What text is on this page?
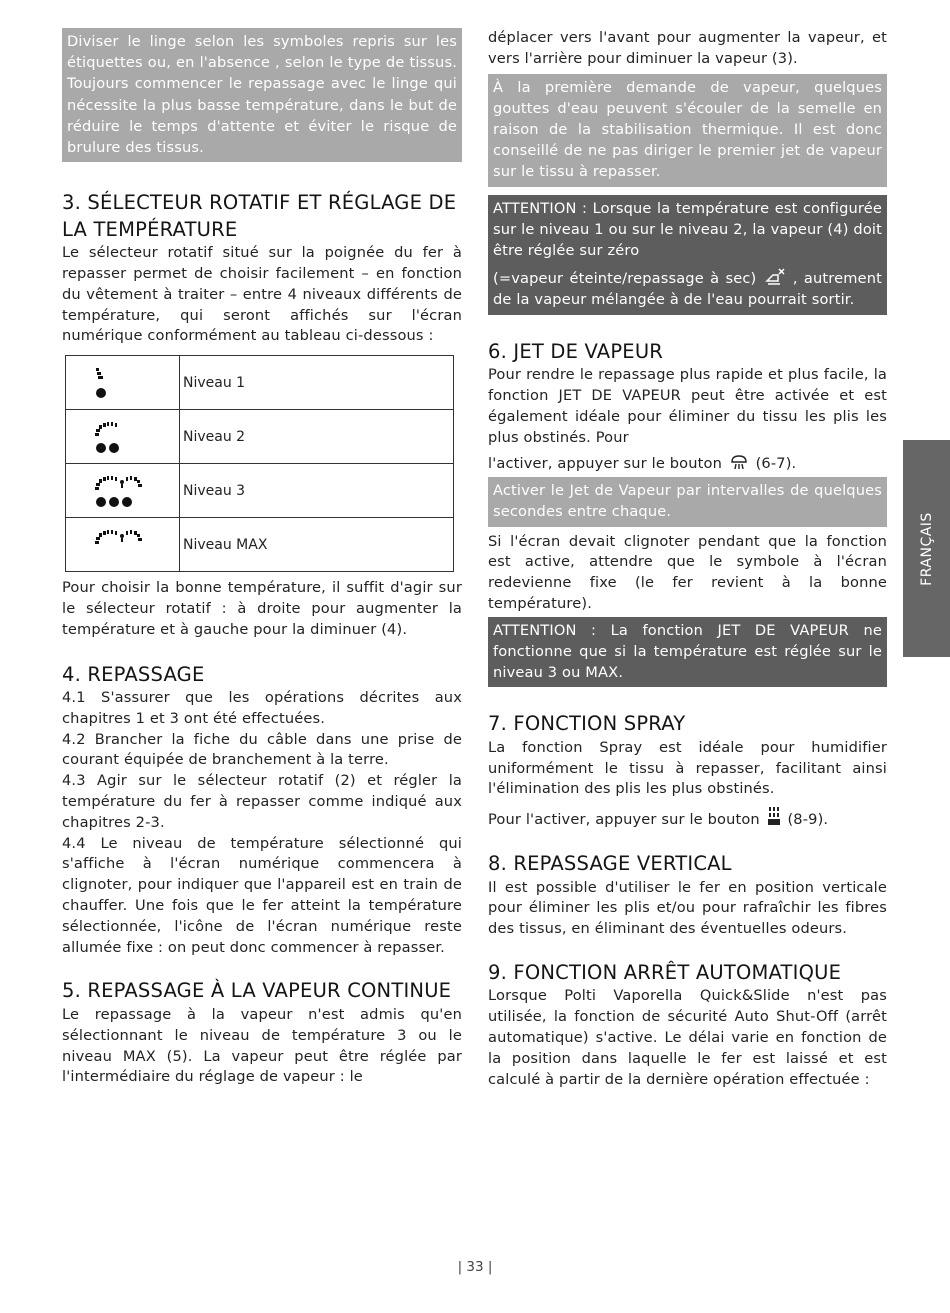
Diviser le linge selon les symboles repris sur les étiquettes ou, en l'absence , selon le type de tissus. Toujours commencer le repassage avec le linge qui nécessite la plus basse température, dans le but de réduire le temps d'attente et éviter le risque de brulure des tissus.
3. SÉLECTEUR ROTATIF ET RÉGLAGE DE LA TEMPÉRATURE

Le sélecteur rotatif situé sur la poignée du fer à repasser permet de choisir facilement – en fonction du vêtement à traiter – entre 4 niveaux différents de température, qui seront affichés sur l'écran numérique conformément au tableau ci-dessous :

	Niveau 1

	Niveau 2

	Niveau 3

	Niveau MAX

Pour choisir la bonne température, il suffit d'agir sur le sélecteur rotatif : à droite pour augmenter la température et à gauche pour la diminuer (4).

4. REPASSAGE

4.1 S'assurer que les opérations décrites aux chapitres 1 et 3 ont été effectuées.

4.2 Brancher la fiche du câble dans une prise de courant équipée de branchement à la terre.

4.3 Agir sur le sélecteur rotatif (2) et régler la température du fer à repasser comme indiqué aux chapitres 2-3.

4.4 Le niveau de température sélectionné qui s'affiche à l'écran numérique commencera à clignoter, pour indiquer que l'appareil est en train de chauffer. Une fois que le fer atteint la température sélectionnée, l'icône de l'écran numérique reste allumée fixe : on peut donc commencer à repasser.

5. REPASSAGE À LA VAPEUR CONTINUE

Le repassage à la vapeur n'est admis qu'en sélectionnant le niveau de température 3 ou le niveau MAX (5). La vapeur peut être réglée par l'intermédiaire du réglage de vapeur : le

déplacer vers l'avant pour augmenter la vapeur, et vers l'arrière pour diminuer la vapeur (3).

À la première demande de vapeur, quelques gouttes d'eau peuvent s'écouler de la semelle en raison de la stabilisation thermique. Il est donc conseillé de ne pas diriger le premier jet de vapeur sur le tissu à repasser.
ATTENTION : Lorsque la température est configurée sur le niveau 1 ou sur le niveau 2, la vapeur (4) doit être réglée sur zéro
(=vapeur éteinte/repassage à sec)	, autrement de la vapeur mélangée à de l'eau pourrait sortir.
6. JET DE VAPEUR

Pour rendre le repassage plus rapide et plus facile, la fonction JET DE VAPEUR peut être activée et est également idéale pour éliminer du tissu les plis les plus obstinés. Pour

l'activer, appuyer sur le bouton (6-7).

Activer le Jet de Vapeur par intervalles de quelques secondes entre chaque.

Si l'écran devait clignoter pendant que la fonction est active, attendre que le symbole à l'écran redevienne fixe (le fer revient à la bonne température).

ATTENTION : La fonction JET DE VAPEUR ne fonctionne que si la température est réglée sur le niveau 3 ou MAX.
7. FONCTION SPRAY

La fonction Spray est idéale pour humidifier uniformément le tissu à repasser, facilitant ainsi l'élimination des plis les plus obstinés.

Pour l'activer, appuyer sur le bouton (8-9).

8. REPASSAGE VERTICAL

Il est possible d'utiliser le fer en position verticale pour éliminer les plis et/ou pour rafraîchir les fibres des tissus, en éliminant des éventuelles odeurs.

9. FONCTION ARRÊT AUTOMATIQUE

Lorsque Polti Vaporella Quick&Slide n'est pas utilisée, la fonction de sécurité Auto Shut-Off (arrêt automatique) s'active. Le délai varie en fonction de la position dans laquelle le fer est laissé et est calculé à partir de la dernière opération effectuée :

FRANÇAIS
| 33 |
